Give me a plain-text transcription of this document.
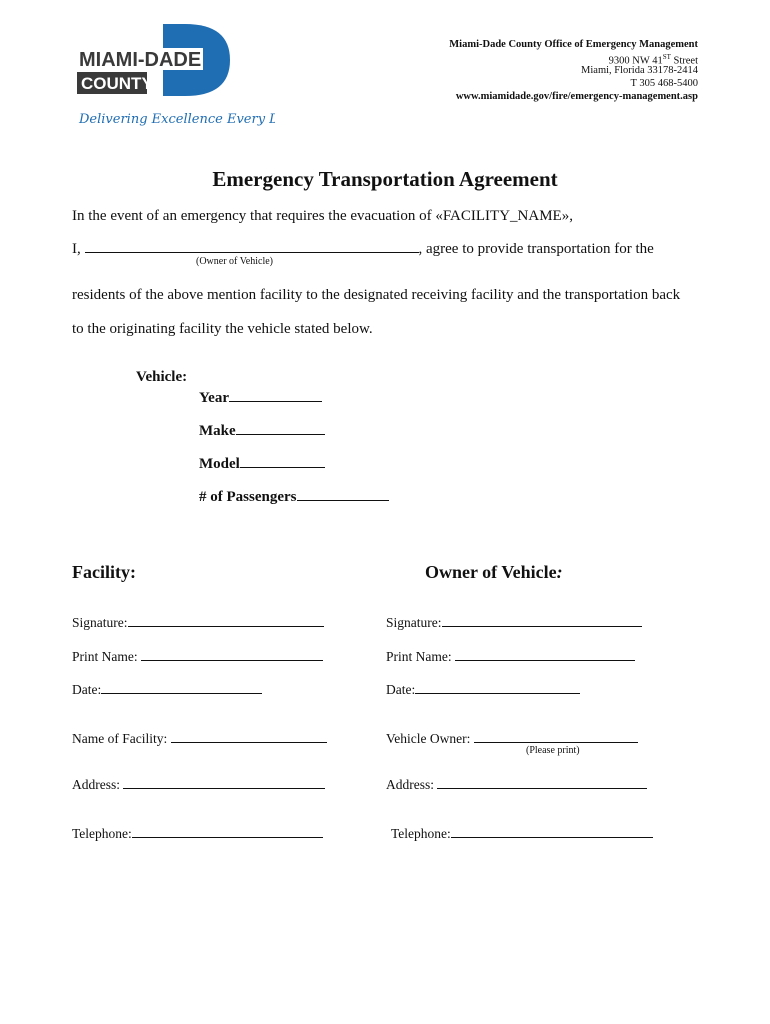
MIAMI-DADE
COUNTY
Delivering Excellence Every Day
Miami-Dade County Office of Emergency Management
9300 NW 41ST Street
Miami, Florida 33178-2414
T 305 468-5400
www.miamidade.gov/fire/emergency-management.asp
Emergency Transportation Agreement
In the event of an emergency that requires the evacuation of «FACILITY_NAME»,
I,	, agree to provide transportation for the
(Owner of Vehicle)
residents of the above mention facility to the designated receiving facility and the transportation back
to the originating facility the vehicle stated below.
Vehicle:
Year
Make
Model
# of Passengers
Facility:	Owner of Vehicle:
Signature:
Print Name:
Date:
Name of Facility:
Address:
Telephone:
Signature:
Print Name:
Date:
Vehicle Owner:
(Please print)
Address:
Telephone:
